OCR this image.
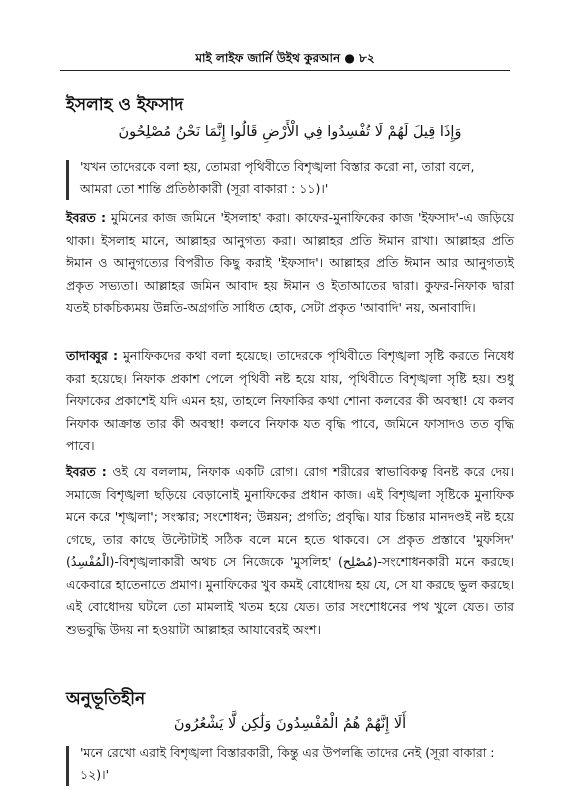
মাই লাইফ জার্নি উইথ কুরআন ● ৮২
ইসলাহ ও ইফসাদ
وَإِذَا قِيلَ لَهُمْ لَا تُفْسِدُوا فِي الْأَرْضِ قَالُوا إِنَّمَا نَحْنُ مُصْلِحُونَ
'যখন তাদেরকে বলা হয়, তোমরা পৃথিবীতে বিশৃঙ্খলা বিস্তার করো না, তারা বলে, আমরা তো শান্তি প্রতিষ্ঠাকারী (সূরা বাকারা : ১১)।'
ইবরত : মুমিনের কাজ জমিনে 'ইসলাহ' করা। কাফের-মুনাফিকের কাজ 'ইফসাদ'-এ জড়িয়ে থাকা। ইসলাহ মানে, আল্লাহর আনুগত্য করা। আল্লাহর প্রতি ঈমান রাখা। আল্লাহর প্রতি ঈমান ও আনুগত্যের বিপরীত কিছু করাই 'ইফসাদ'। আল্লাহর প্রতি ঈমান আর আনুগত্যই প্রকৃত সভ্যতা। আল্লাহর জমিন আবাদ হয় ঈমান ও ইতাআতের দ্বারা। কুফর-নিফাক দ্বারা যতই চাকচিক্যময় উন্নতি-অগ্রগতি সাধিত হোক, সেটা প্রকৃত 'আবাদি' নয়, অনাবাদি।
তাদাব্বুর : মুনাফিকদের কথা বলা হয়েছে। তাদেরকে পৃথিবীতে বিশৃঙ্খলা সৃষ্টি করতে নিষেধ করা হয়েছে। নিফাক প্রকাশ পেলে পৃথিবী নষ্ট হয়ে যায়, পৃথিবীতে বিশৃঙ্খলা সৃষ্টি হয়। শুধু নিফাকের প্রকাশেই যদি এমন হয়, তাহলে নিফাকির কথা শোনা কলবের কী অবস্থা! যে কলব নিফাক আক্রান্ত তার কী অবস্থা! কলবে নিফাক যত বৃদ্ধি পাবে, জমিনে ফাসাদও তত বৃদ্ধি পাবে।
ইবরত : ওই যে বললাম, নিফাক একটি রোগ। রোগ শরীরের স্বাভাবিকত্ব বিনষ্ট করে দেয়। সমাজে বিশৃঙ্খলা ছড়িয়ে বেড়ানোই মুনাফিকের প্রধান কাজ। এই বিশৃঙ্খলা সৃষ্টিকে মুনাফিক মনে করে 'শৃঙ্খলা'; সংস্কার; সংশোধন; উন্নয়ন; প্রগতি; প্রবৃদ্ধি। যার চিন্তার মানদণ্ডই নষ্ট হয়ে গেছে, তার কাছে উল্টোটাই সঠিক বলে মনে হতে থাকবে। সে প্রকৃত প্রস্তাবে 'মুফসিদ' (الْمُفْسِدُ)-বিশৃঙ্খলাকারী অথচ সে নিজেকে 'মুসলিহ' (مُصْلِح)-সংশোধনকারী মনে করছে। একেবারে হাতেনাতে প্রমাণ। মুনাফিকের খুব কমই বোধোদয় হয় যে, সে যা করছে ভুল করছে। এই বোধোদয় ঘটলে তো মামলাই খতম হয়ে যেত। তার সংশোধনের পথ খুলে যেত। তার শুভবুদ্ধি উদয় না হওয়াটা আল্লাহর আযাবেরই অংশ।
অনুভূতিহীন
أَلَا إِنَّهُمْ هُمُ الْمُفْسِدُونَ وَلَٰكِن لَّا يَشْعُرُونَ
'মনে রেখো এরাই বিশৃঙ্খলা বিস্তারকারী, কিন্তু এর উপলব্ধি তাদের নেই (সূরা বাকারা : ১২)।'
